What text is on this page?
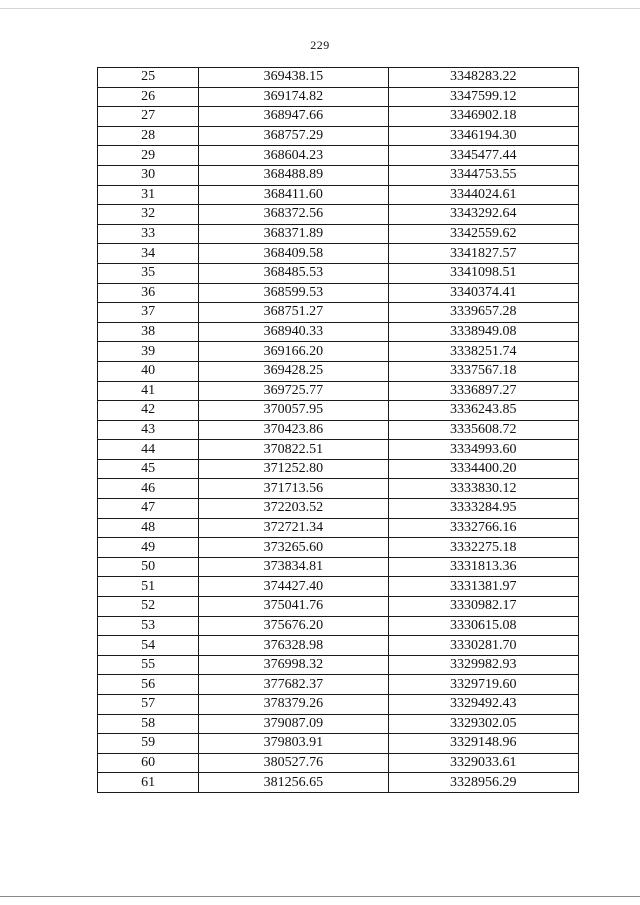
229
25	369438.15	3348283.22
26	369174.82	3347599.12
27	368947.66	3346902.18
28	368757.29	3346194.30
29	368604.23	3345477.44
30	368488.89	3344753.55
31	368411.60	3344024.61
32	368372.56	3343292.64
33	368371.89	3342559.62
34	368409.58	3341827.57
35	368485.53	3341098.51
36	368599.53	3340374.41
37	368751.27	3339657.28
38	368940.33	3338949.08
39	369166.20	3338251.74
40	369428.25	3337567.18
41	369725.77	3336897.27
42	370057.95	3336243.85
43	370423.86	3335608.72
44	370822.51	3334993.60
45	371252.80	3334400.20
46	371713.56	3333830.12
47	372203.52	3333284.95
48	372721.34	3332766.16
49	373265.60	3332275.18
50	373834.81	3331813.36
51	374427.40	3331381.97
52	375041.76	3330982.17
53	375676.20	3330615.08
54	376328.98	3330281.70
55	376998.32	3329982.93
56	377682.37	3329719.60
57	378379.26	3329492.43
58	379087.09	3329302.05
59	379803.91	3329148.96
60	380527.76	3329033.61
61	381256.65	3328956.29
